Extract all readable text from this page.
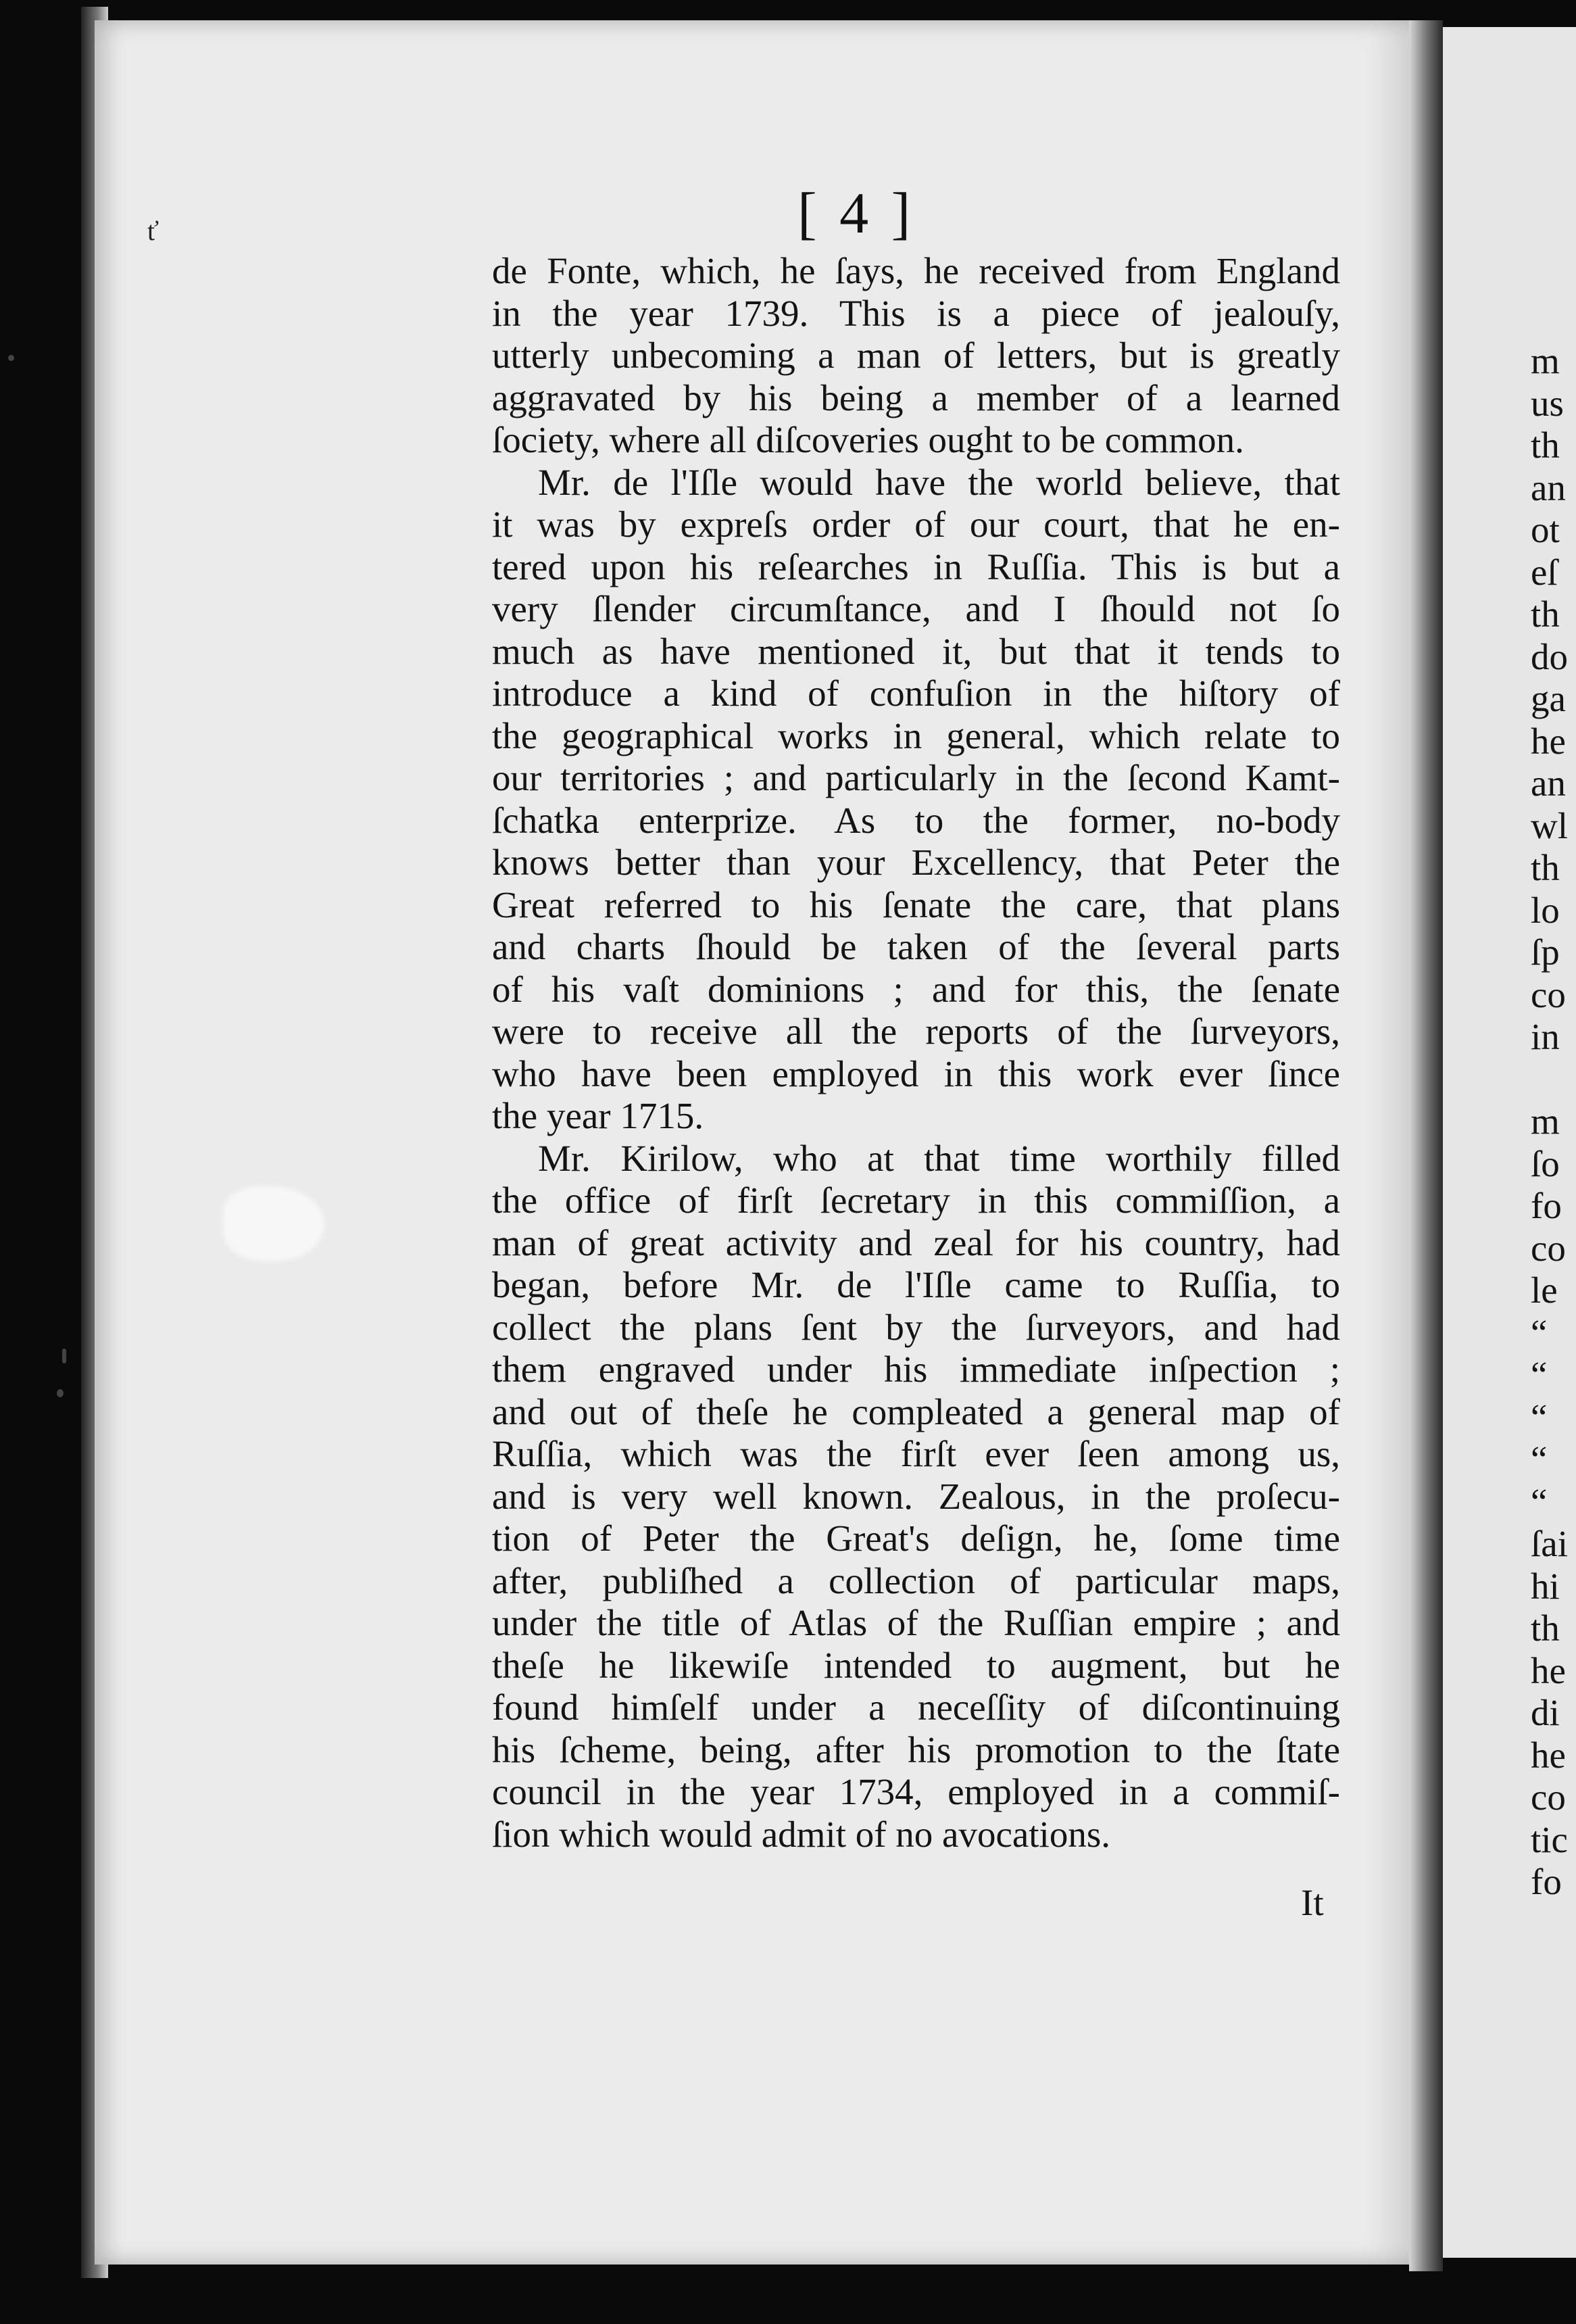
ť	[ 4 ]
de Fonte, which, he ſays, he received from England
in the year 1739. This is a piece of jealouſy,
utterly unbecoming a man of letters, but is greatly
aggravated by his being a member of a learned
ſociety, where all diſcoveries ought to be common.
Mr. de l'Iſle would have the world believe, that
it was by expreſs order of our court, that he en-
tered upon his reſearches in Ruſſia. This is but a
very ſlender circumſtance, and I ſhould not ſo
much as have mentioned it, but that it tends to
introduce a kind of confuſion in the hiſtory of
the geographical works in general, which relate to
our territories ; and particularly in the ſecond Kamt-
ſchatka enterprize. As to the former, no-body
knows better than your Excellency, that Peter the
Great referred to his ſenate the care, that plans
and charts ſhould be taken of the ſeveral parts
of his vaſt dominions ; and for this, the ſenate
were to receive all the reports of the ſurveyors,
who have been employed in this work ever ſince
the year 1715.
Mr. Kirilow, who at that time worthily filled
the office of firſt ſecretary in this commiſſion, a
man of great activity and zeal for his country, had
began, before Mr. de l'Iſle came to Ruſſia, to
collect the plans ſent by the ſurveyors, and had
them engraved under his immediate inſpection ;
and out of theſe he compleated a general map of
Ruſſia, which was the firſt ever ſeen among us,
and is very well known. Zealous, in the proſecu-
tion of Peter the Great's deſign, he, ſome time
after, publiſhed a collection of particular maps,
under the title of Atlas of the Ruſſian empire ; and
theſe he likewiſe intended to augment, but he
found himſelf under a neceſſity of diſcontinuing
his ſcheme, being, after his promotion to the ſtate
council in the year 1734, employed in a commiſ-
ſion which would admit of no avocations.
It
m
us
th
an
ot
eſ
th
do
ga
he
an
wl
th
lo
ſp
co
in
m
ſo
fo
co
le
“
“
“
“
“
ſai
hi
th
he
di
he
co
tic
fo
